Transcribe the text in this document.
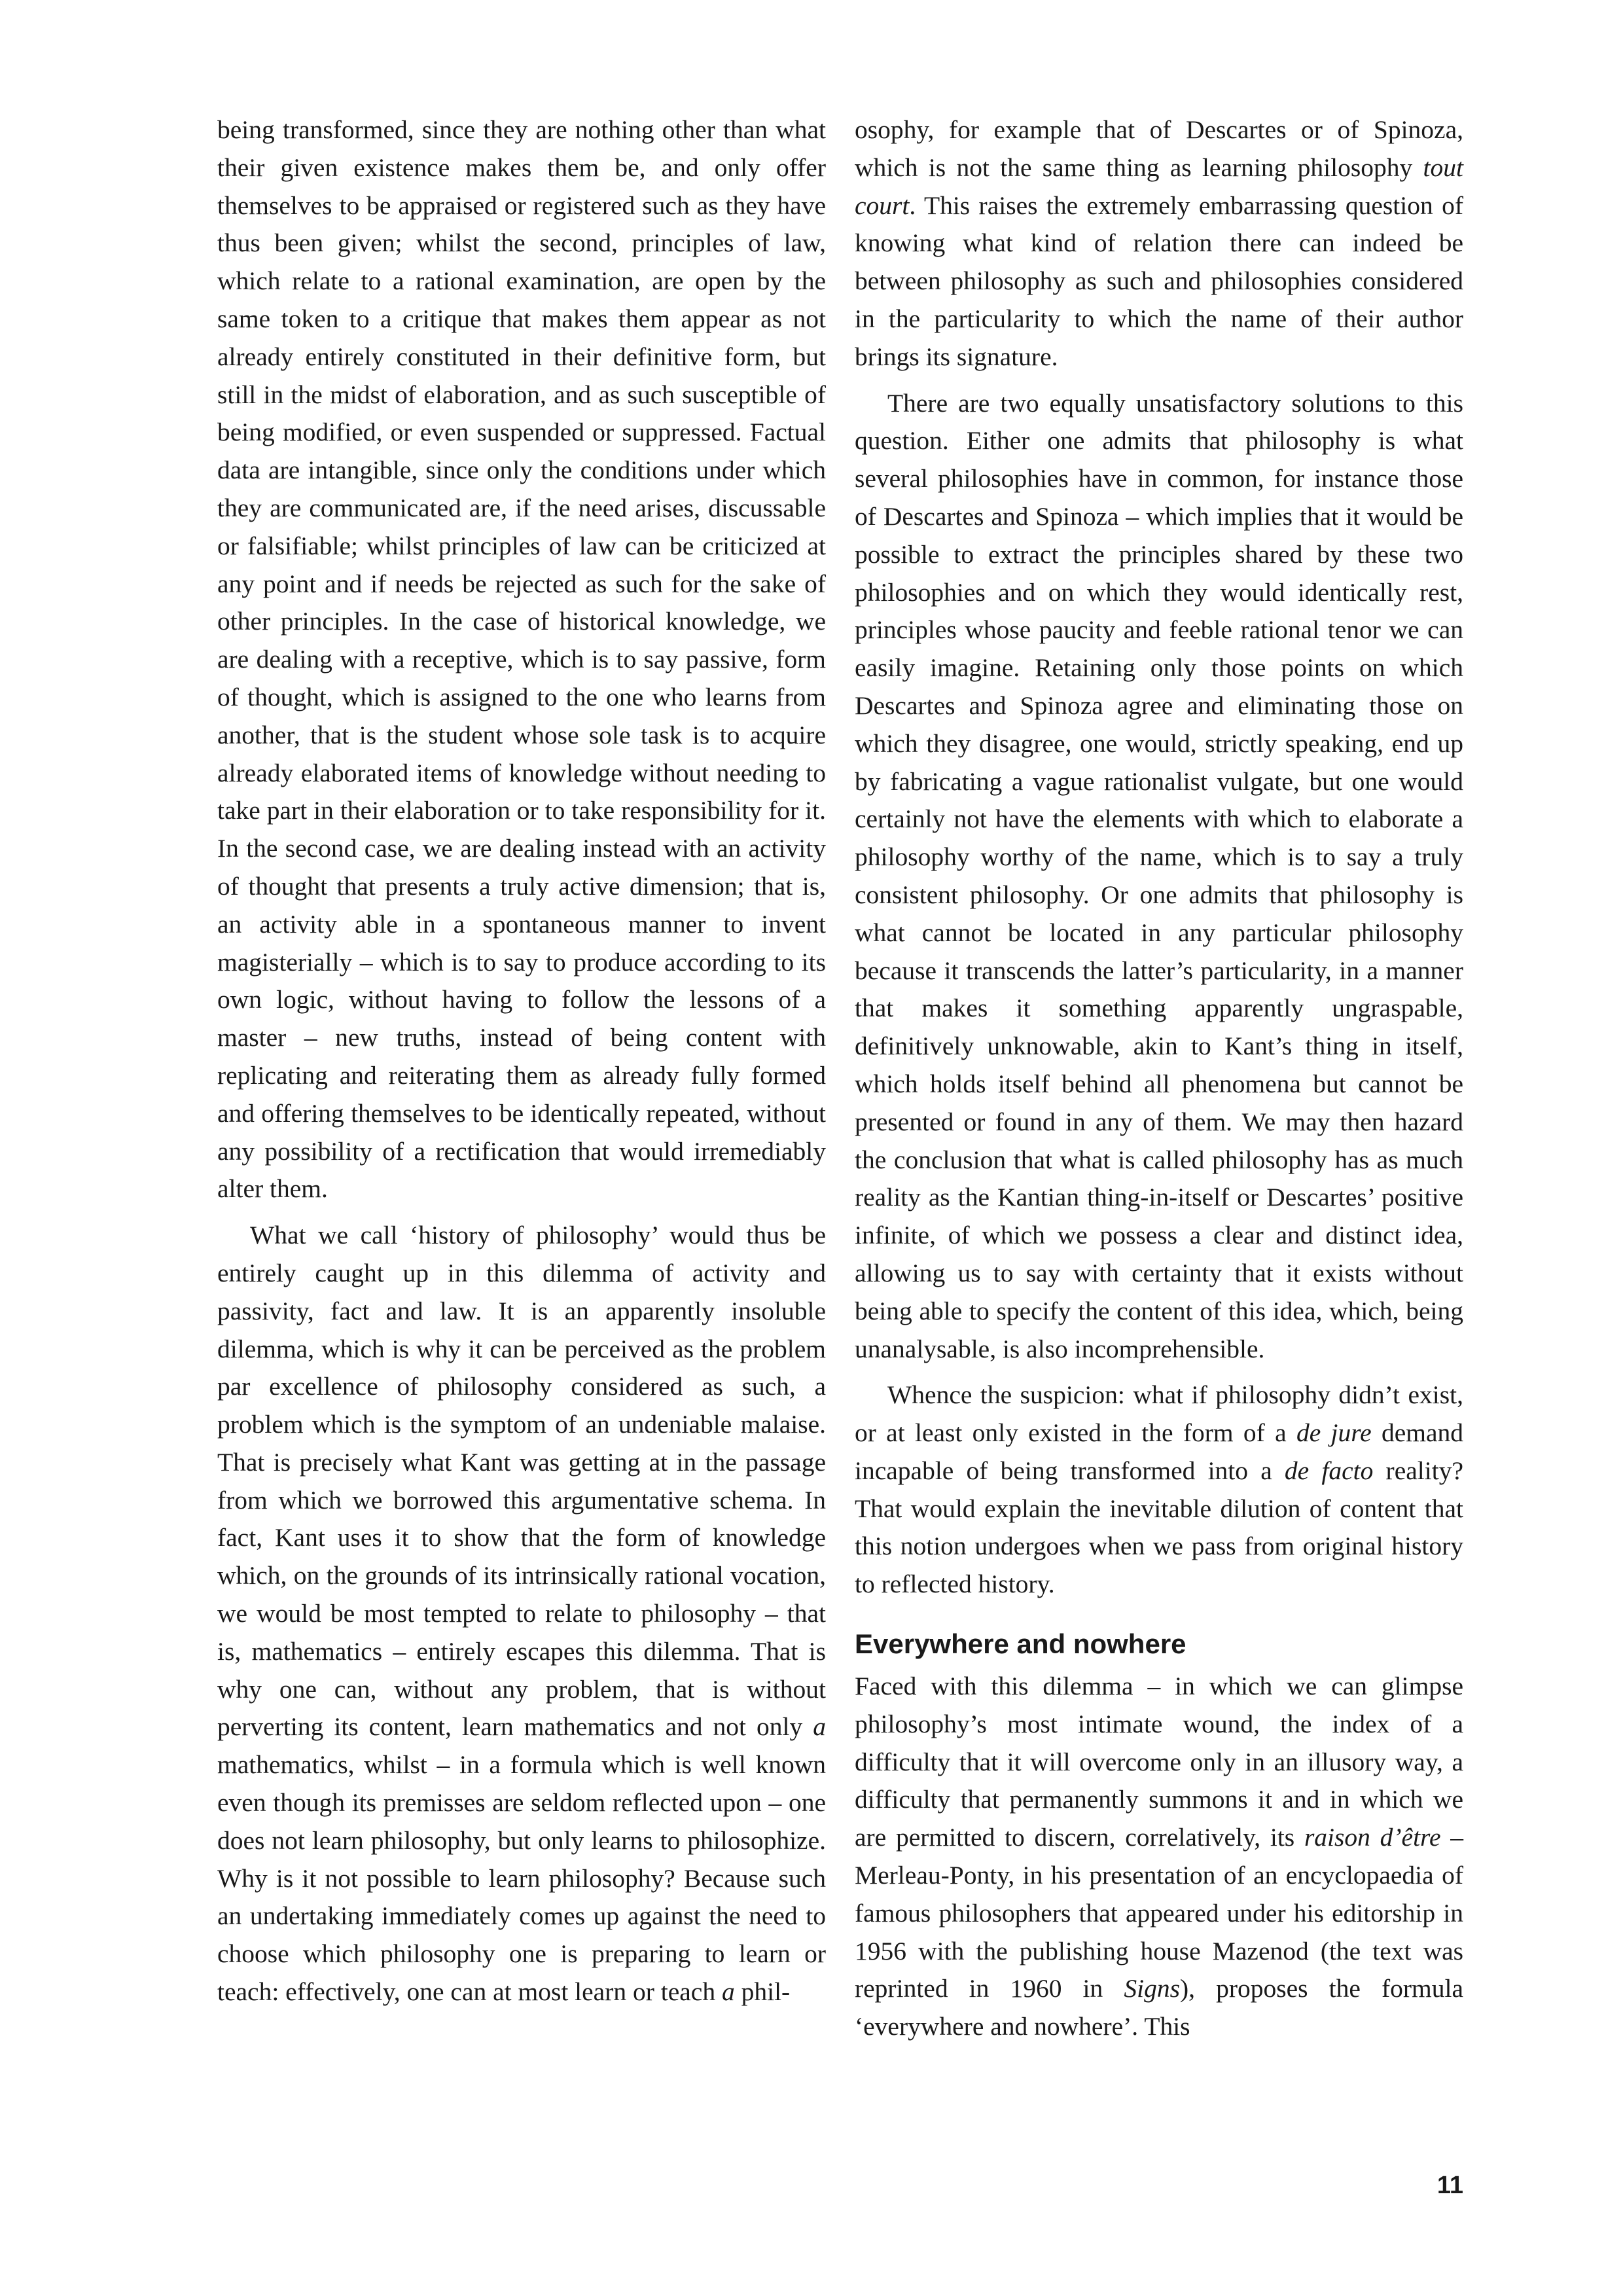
being transformed, since they are nothing other than what their given existence makes them be, and only offer themselves to be appraised or registered such as they have thus been given; whilst the second, principles of law, which relate to a rational examination, are open by the same token to a critique that makes them appear as not already entirely constituted in their definitive form, but still in the midst of elaboration, and as such susceptible of being modified, or even suspended or suppressed. Factual data are intangible, since only the conditions under which they are communicated are, if the need arises, discussable or falsifiable; whilst principles of law can be criticized at any point and if needs be rejected as such for the sake of other principles. In the case of historical knowledge, we are dealing with a receptive, which is to say passive, form of thought, which is assigned to the one who learns from another, that is the student whose sole task is to acquire already elaborated items of knowledge without needing to take part in their elaboration or to take responsibility for it. In the second case, we are dealing instead with an activity of thought that presents a truly active dimension; that is, an activity able in a spontaneous manner to invent magisterially – which is to say to produce according to its own logic, without having to follow the lessons of a master – new truths, instead of being content with replicating and reiterating them as already fully formed and offering themselves to be identically repeated, without any possibility of a rectification that would irremediably alter them.

What we call ‘history of philosophy’ would thus be entirely caught up in this dilemma of activity and passivity, fact and law. It is an apparently insoluble dilemma, which is why it can be perceived as the problem par excellence of philosophy considered as such, a problem which is the symptom of an undeniable malaise. That is precisely what Kant was getting at in the passage from which we borrowed this argumentative schema. In fact, Kant uses it to show that the form of knowledge which, on the grounds of its intrinsically rational vocation, we would be most tempted to relate to philosophy – that is, mathematics – entirely escapes this dilemma. That is why one can, without any problem, that is without perverting its content, learn mathematics and not only a mathematics, whilst – in a formula which is well known even though its premisses are seldom reflected upon – one does not learn philosophy, but only learns to philosophize. Why is it not possible to learn philosophy? Because such an undertaking immediately comes up against the need to choose which philosophy one is preparing to learn or teach: effectively, one can at most learn or teach a phil-

osophy, for example that of Descartes or of Spinoza, which is not the same thing as learning philosophy tout court. This raises the extremely embarrassing question of knowing what kind of relation there can indeed be between philosophy as such and philosophies considered in the particularity to which the name of their author brings its signature.

There are two equally unsatisfactory solutions to this question. Either one admits that philosophy is what several philosophies have in common, for instance those of Descartes and Spinoza – which implies that it would be possible to extract the principles shared by these two philosophies and on which they would identically rest, principles whose paucity and feeble rational tenor we can easily imagine. Retaining only those points on which Descartes and Spinoza agree and eliminating those on which they disagree, one would, strictly speaking, end up by fabricating a vague rationalist vulgate, but one would certainly not have the elements with which to elaborate a philosophy worthy of the name, which is to say a truly consistent philosophy. Or one admits that philosophy is what cannot be located in any particular philosophy because it transcends the latter’s particularity, in a manner that makes it something apparently ungraspable, definitively unknowable, akin to Kant’s thing in itself, which holds itself behind all phenomena but cannot be presented or found in any of them. We may then hazard the conclusion that what is called philosophy has as much reality as the Kantian thing-in-itself or Descartes’ positive infinite, of which we possess a clear and distinct idea, allowing us to say with certainty that it exists without being able to specify the content of this idea, which, being unanalysable, is also incomprehensible.

Whence the suspicion: what if philosophy didn’t exist, or at least only existed in the form of a de jure demand incapable of being transformed into a de facto reality? That would explain the inevitable dilution of content that this notion undergoes when we pass from original history to reflected history.

Everywhere and nowhere

Faced with this dilemma – in which we can glimpse philosophy’s most intimate wound, the index of a difficulty that it will overcome only in an illusory way, a difficulty that permanently summons it and in which we are permitted to discern, correlatively, its raison d’être – Merleau-Ponty, in his presentation of an encyclopaedia of famous philosophers that appeared under his editorship in 1956 with the publishing house Mazenod (the text was reprinted in 1960 in Signs), proposes the formula ‘everywhere and nowhere’. This

11
